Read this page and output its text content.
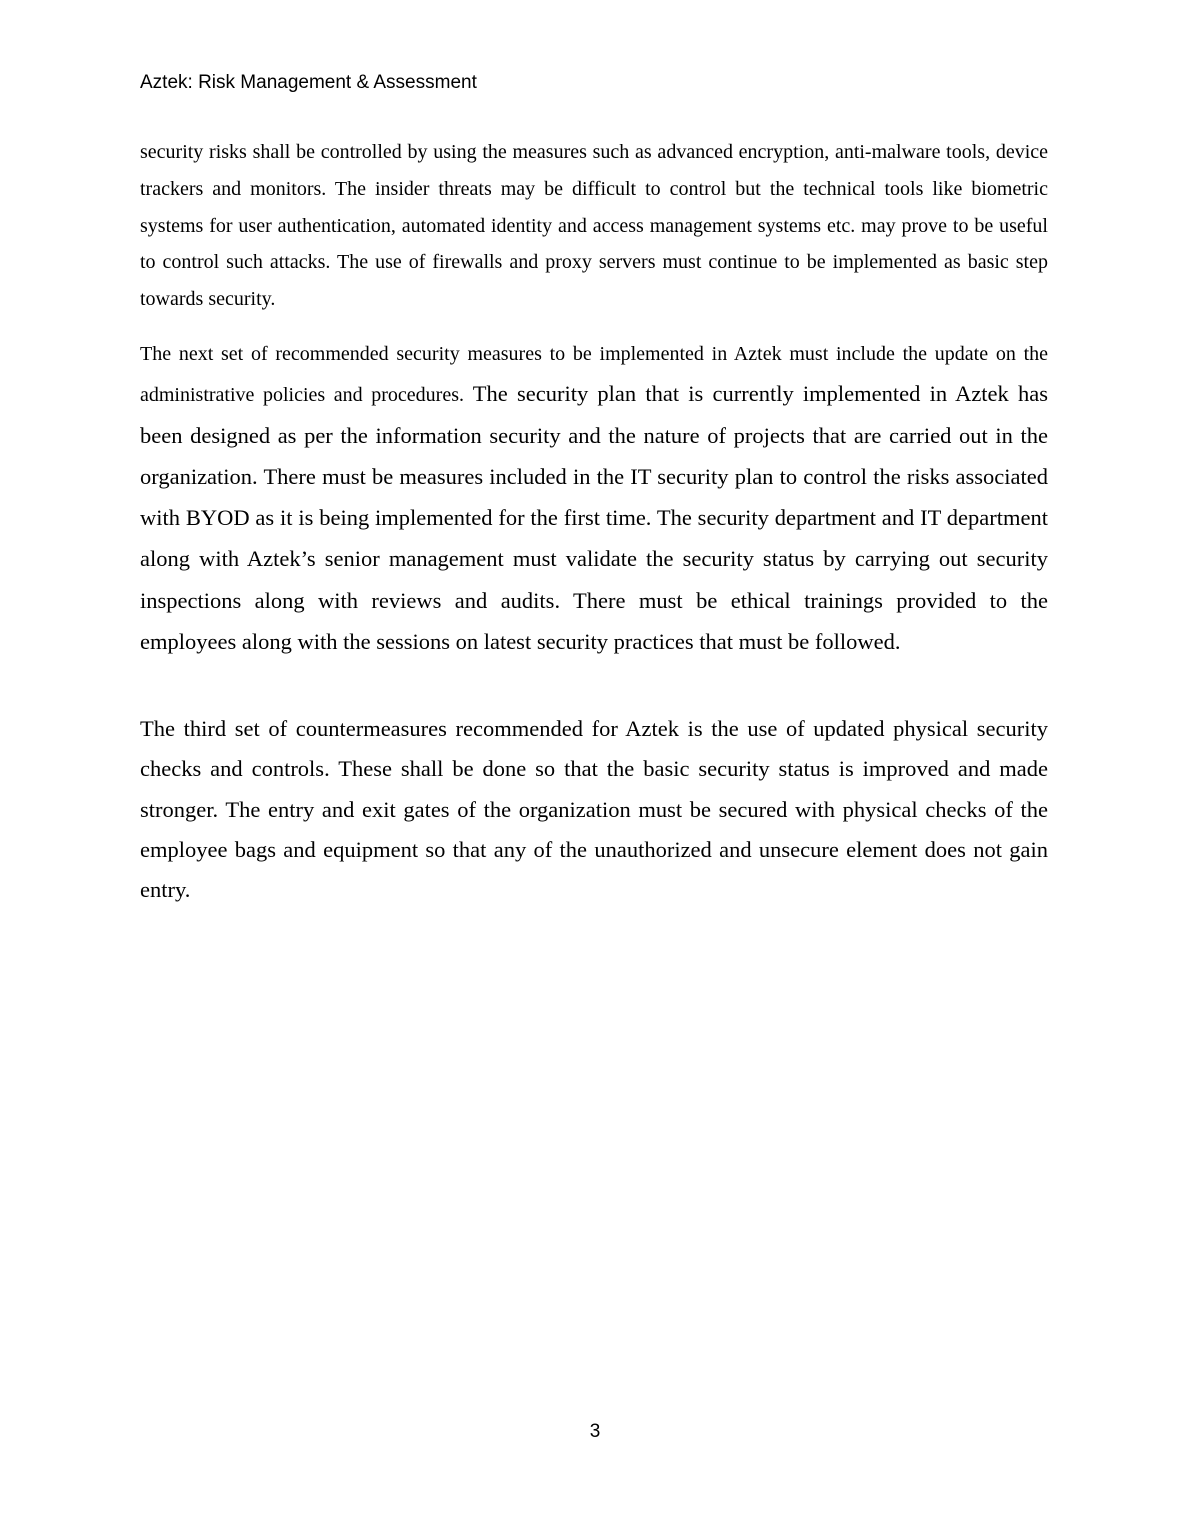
Aztek: Risk Management & Assessment

security risks shall be controlled by using the measures such as advanced encryption, anti-malware tools, device trackers and monitors. The insider threats may be difficult to control but the technical tools like biometric systems for user authentication, automated identity and access management systems etc. may prove to be useful to control such attacks. The use of firewalls and proxy servers must continue to be implemented as basic step towards security.

The next set of recommended security measures to be implemented in Aztek must include the update on the administrative policies and procedures. The security plan that is currently implemented in Aztek has been designed as per the information security and the nature of projects that are carried out in the organization. There must be measures included in the IT security plan to control the risks associated with BYOD as it is being implemented for the first time. The security department and IT department along with Aztek’s senior management must validate the security status by carrying out security inspections along with reviews and audits. There must be ethical trainings provided to the employees along with the sessions on latest security practices that must be followed.

The third set of countermeasures recommended for Aztek is the use of updated physical security checks and controls. These shall be done so that the basic security status is improved and made stronger. The entry and exit gates of the organization must be secured with physical checks of the employee bags and equipment so that any of the unauthorized and unsecure element does not gain entry.

3
